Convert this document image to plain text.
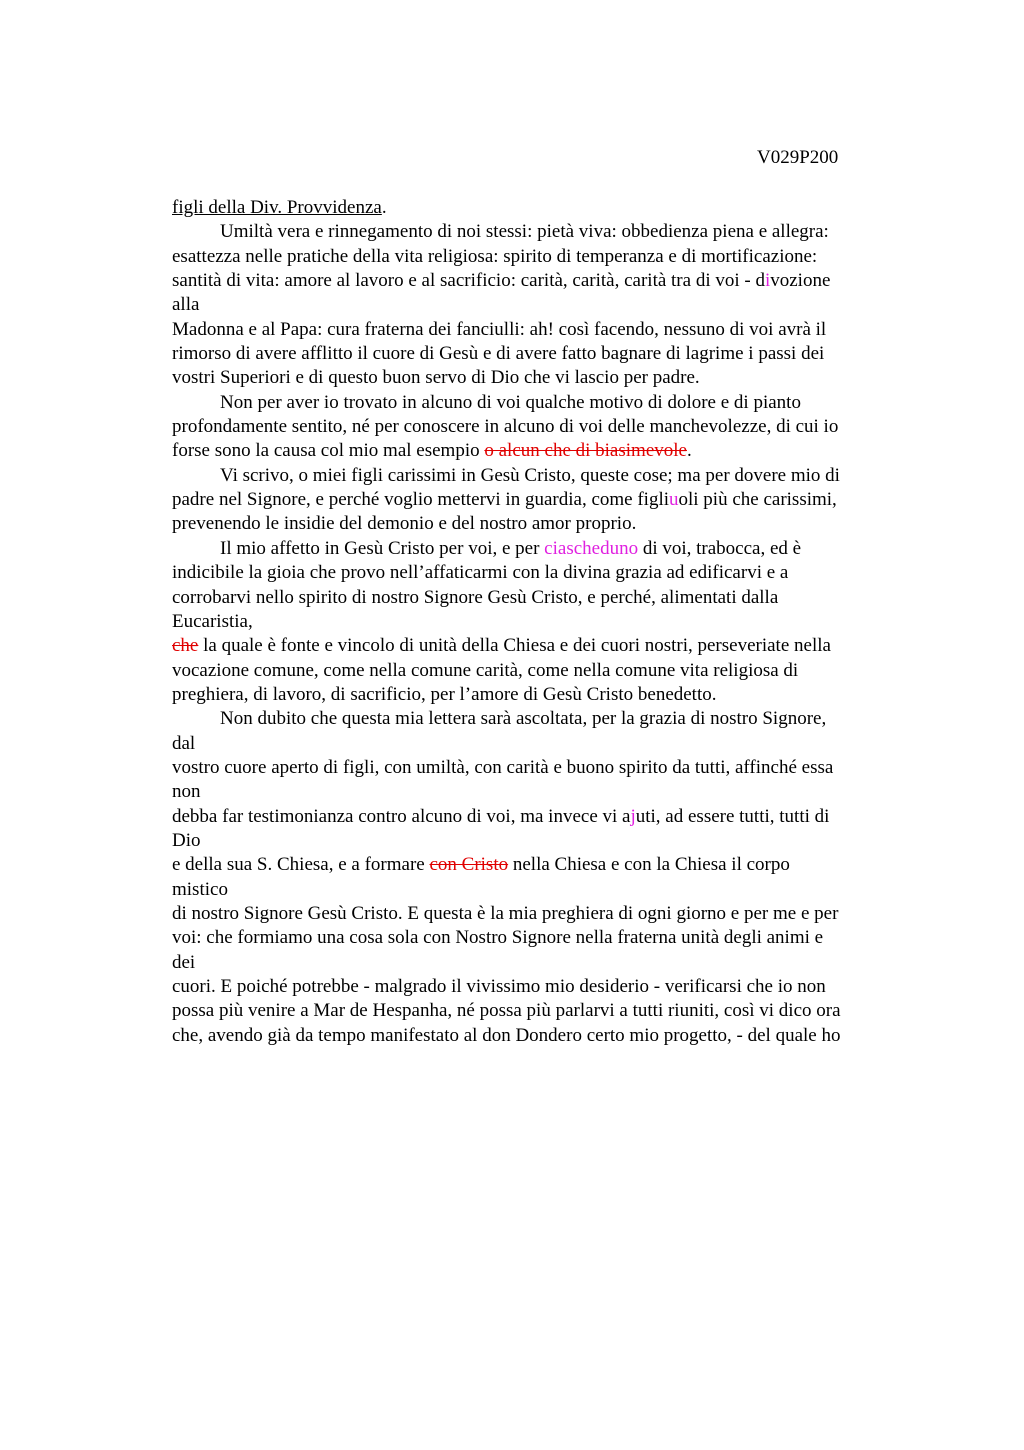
V029P200
figli della Div. Provvidenza.
Umiltà vera e rinnegamento di noi stessi: pietà viva: obbedienza piena e allegra:
esattezza nelle pratiche della vita religiosa: spirito di temperanza e di mortificazione:
santità di vita: amore al lavoro e al sacrificio: carità, carità, carità tra di voi - divozione
alla
Madonna e al Papa: cura fraterna dei fanciulli: ah! così facendo, nessuno di voi avrà il
rimorso di avere afflitto il cuore di Gesù e di avere fatto bagnare di lagrime i passi dei
vostri Superiori e di questo buon servo di Dio che vi lascio per padre.
Non per aver io trovato in alcuno di voi qualche motivo di dolore e di pianto
profondamente sentito, né per conoscere in alcuno di voi delle manchevolezze, di cui io
forse sono la causa col mio mal esempio o alcun che di biasimevole.
Vi scrivo, o miei figli carissimi in Gesù Cristo, queste cose; ma per dovere mio di
padre nel Signore, e perché voglio mettervi in guardia, come figliuoli più che carissimi,
prevenendo le insidie del demonio e del nostro amor proprio.
Il mio affetto in Gesù Cristo per voi, e per ciascheduno di voi, trabocca, ed è
indicibile la gioia che provo nell’affaticarmi con la divina grazia ad edificarvi e a
corrobarvi nello spirito di nostro Signore Gesù Cristo, e perché, alimentati dalla
Eucaristia,
che la quale è fonte e vincolo di unità della Chiesa e dei cuori nostri, perseveriate nella
vocazione comune, come nella comune carità, come nella comune vita religiosa di
preghiera, di lavoro, di sacrificio, per l’amore di Gesù Cristo benedetto.
Non dubito che questa mia lettera sarà ascoltata, per la grazia di nostro Signore,
dal
vostro cuore aperto di figli, con umiltà, con carità e buono spirito da tutti, affinché essa
non
debba far testimonianza contro alcuno di voi, ma invece vi ajuti, ad essere tutti, tutti di
Dio
e della sua S. Chiesa, e a formare con Cristo nella Chiesa e con la Chiesa il corpo
mistico
di nostro Signore Gesù Cristo. E questa è la mia preghiera di ogni giorno e per me e per
voi: che formiamo una cosa sola con Nostro Signore nella fraterna unità degli animi e
dei
cuori. E poiché potrebbe - malgrado il vivissimo mio desiderio - verificarsi che io non
possa più venire a Mar de Hespanha, né possa più parlarvi a tutti riuniti, così vi dico ora
che, avendo già da tempo manifestato al don Dondero certo mio progetto, - del quale ho
